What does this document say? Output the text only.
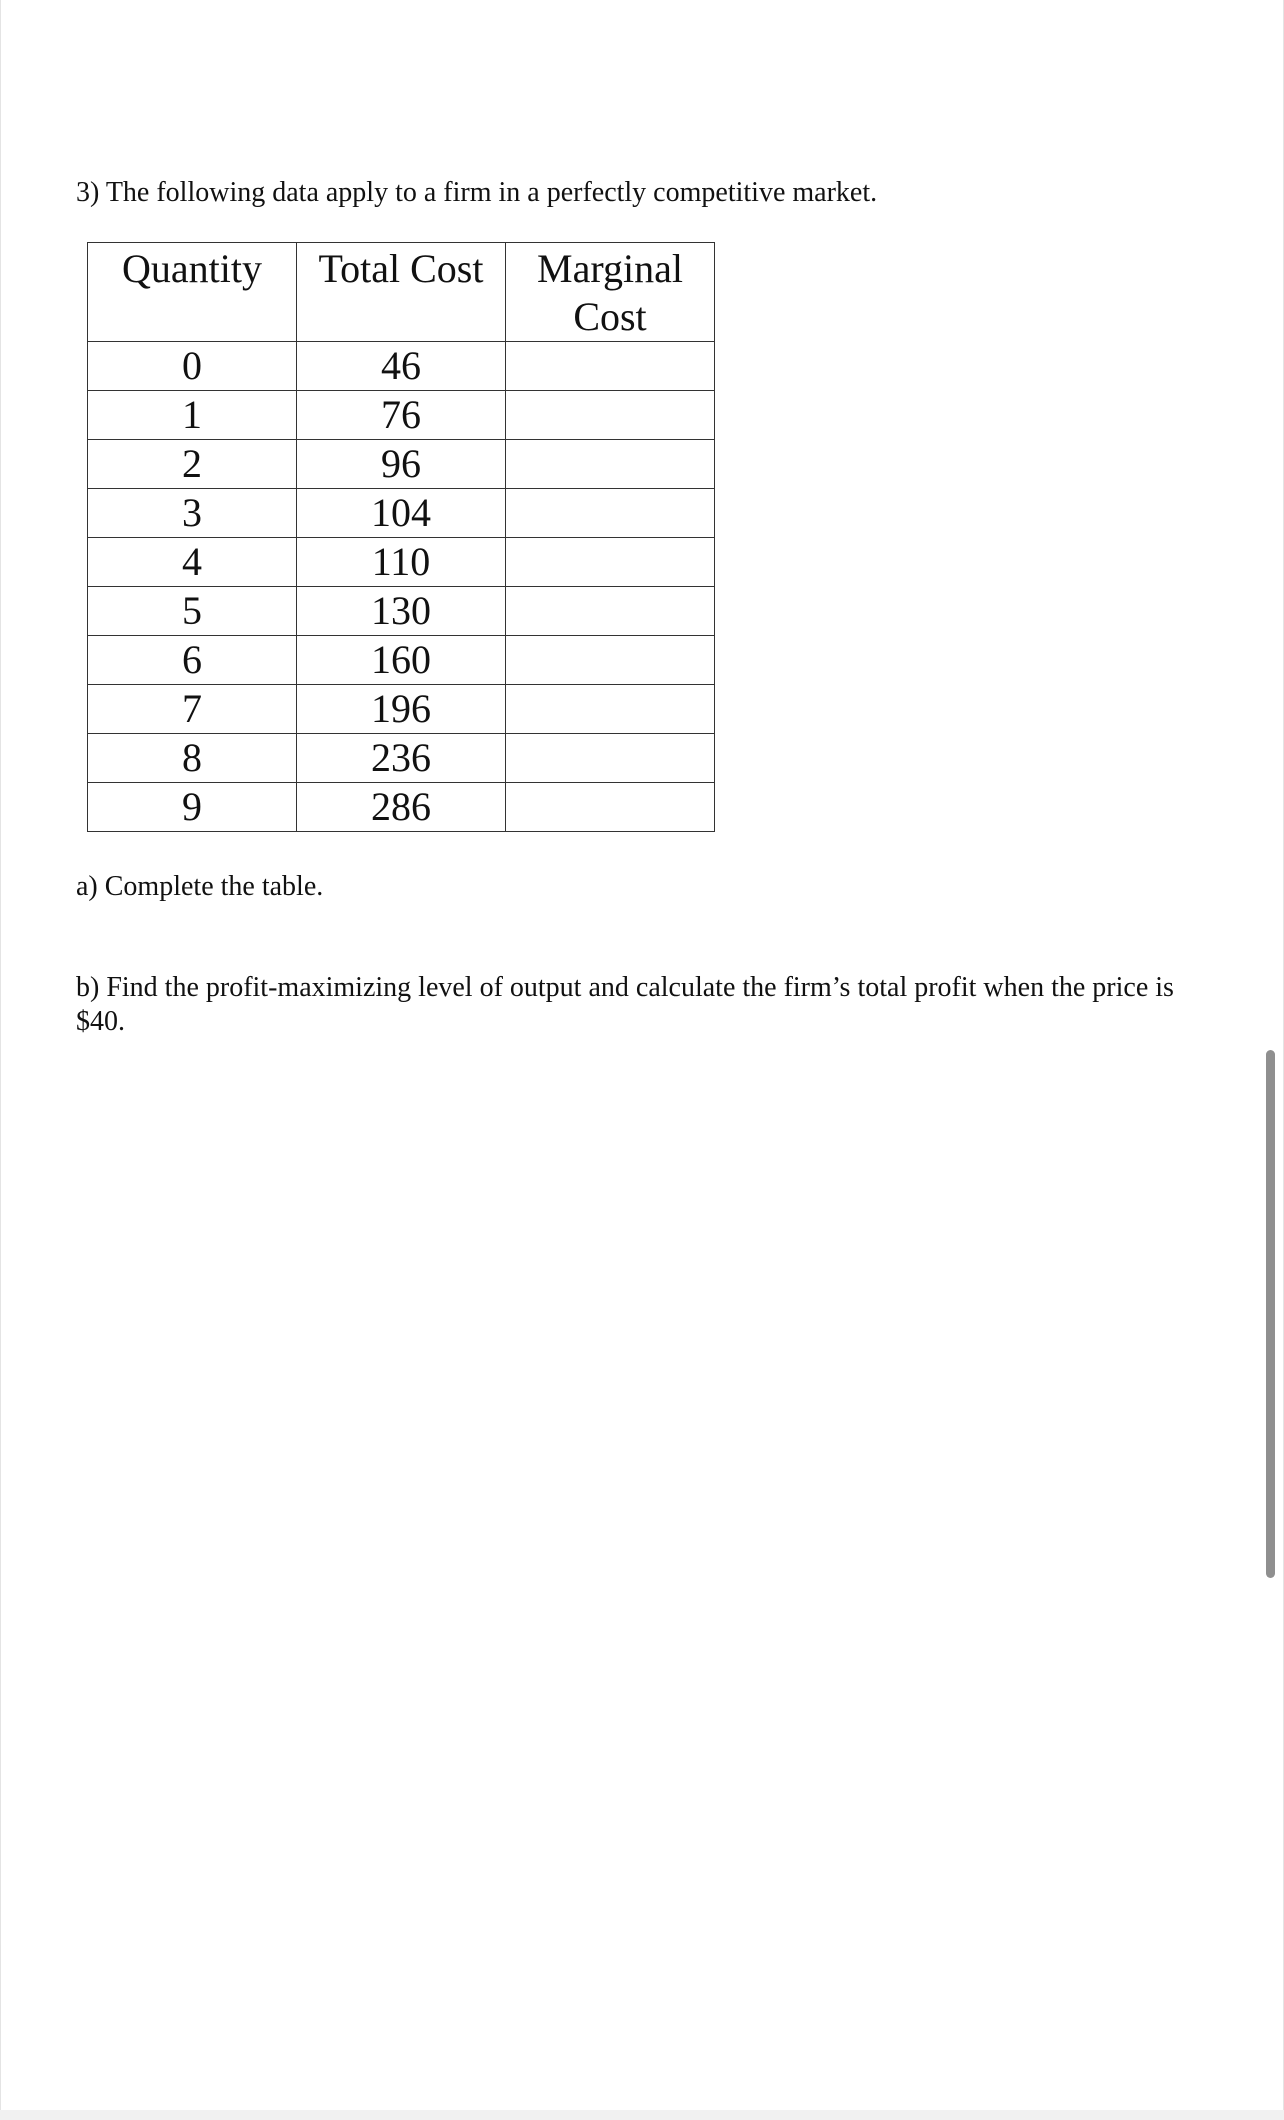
3) The following data apply to a firm in a perfectly competitive market.

Quantity	Total Cost	Marginal
Cost
0	46	
1	76	
2	96	
3	104	
4	110	
5	130	
6	160	
7	196	
8	236	
9	286	

a) Complete the table.

b) Find the profit-maximizing level of output and calculate the firm’s total profit when the price is $40.
